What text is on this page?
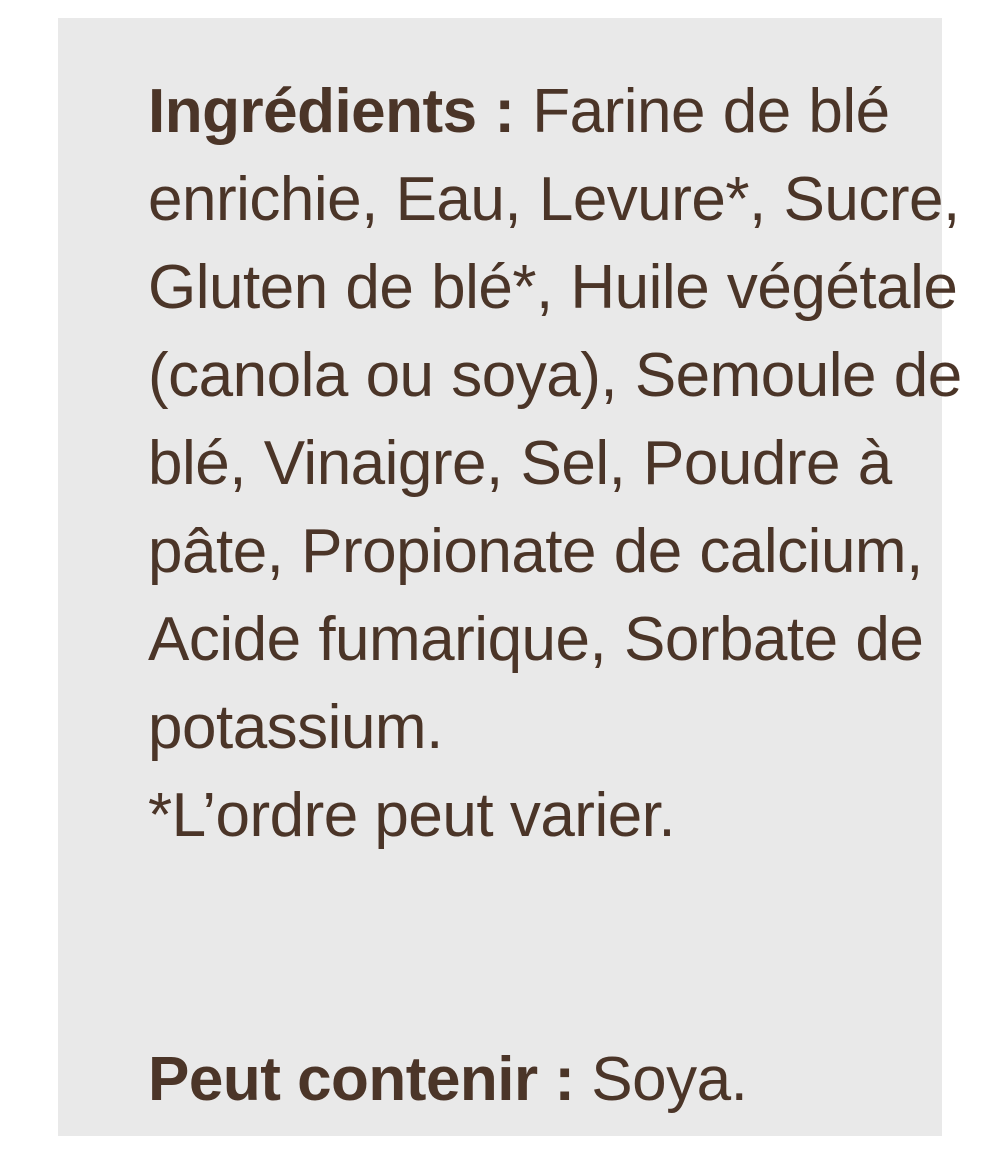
Ingrédients : Farine de blé enrichie, Eau, Levure*, Sucre, Gluten de blé*, Huile végétale (canola ou soya), Semoule de blé, Vinaigre, Sel, Poudre à pâte, Propionate de calcium, Acide fumarique, Sorbate de potassium.

*L’ordre peut varier.

Peut contenir : Soya.
